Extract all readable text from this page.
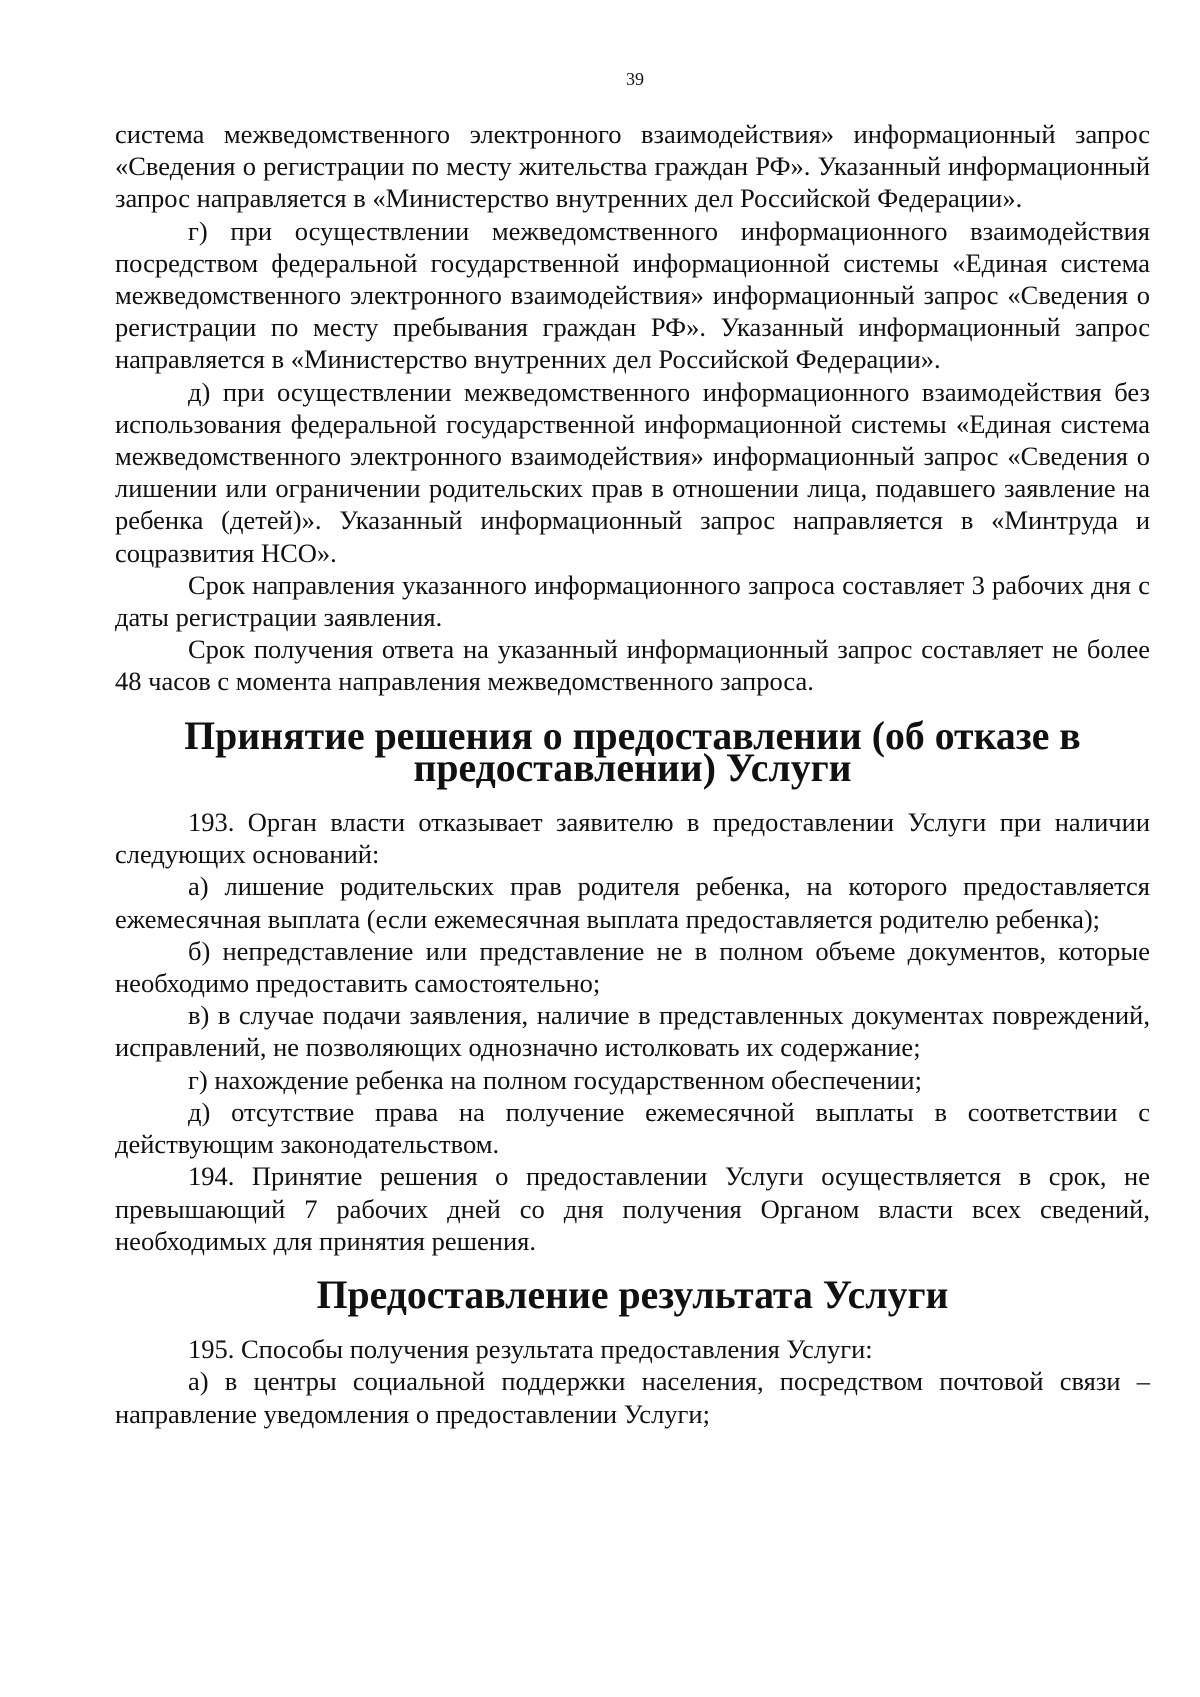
39

система межведомственного электронного взаимодействия» информационный запрос «Сведения о регистрации по месту жительства граждан РФ». Указанный информационный запрос направляется в «Министерство внутренних дел Российской Федерации».

г) при осуществлении межведомственного информационного взаимодействия посредством федеральной государственной информационной системы «Единая система межведомственного электронного взаимодействия» информационный запрос «Сведения о регистрации по месту пребывания граждан РФ». Указанный информационный запрос направляется в «Министерство внутренних дел Российской Федерации».

д) при осуществлении межведомственного информационного взаимодействия без использования федеральной государственной информационной системы «Единая система межведомственного электронного взаимодействия» информационный запрос «Сведения о лишении или ограничении родительских прав в отношении лица, подавшего заявление на ребенка (детей)». Указанный информационный запрос направляется в «Минтруда и соцразвития НСО».

Срок направления указанного информационного запроса составляет 3 рабочих дня с даты регистрации заявления.

Срок получения ответа на указанный информационный запрос составляет не более 48 часов с момента направления межведомственного запроса.

Принятие решения о предоставлении (об отказе в предоставлении) Услуги

193. Орган власти отказывает заявителю в предоставлении Услуги при наличии следующих оснований:

а) лишение родительских прав родителя ребенка, на которого предоставляется ежемесячная выплата (если ежемесячная выплата предоставляется родителю ребенка);

б) непредставление или представление не в полном объеме документов, которые необходимо предоставить самостоятельно;

в) в случае подачи заявления, наличие в представленных документах повреждений, исправлений, не позволяющих однозначно истолковать их содержание;

г) нахождение ребенка на полном государственном обеспечении;

д) отсутствие права на получение ежемесячной выплаты в соответствии с действующим законодательством.

194. Принятие решения о предоставлении Услуги осуществляется в срок, не превышающий 7 рабочих дней со дня получения Органом власти всех сведений, необходимых для принятия решения.

Предоставление результата Услуги

195. Способы получения результата предоставления Услуги:

а) в центры социальной поддержки населения, посредством почтовой связи – направление уведомления о предоставлении Услуги;
